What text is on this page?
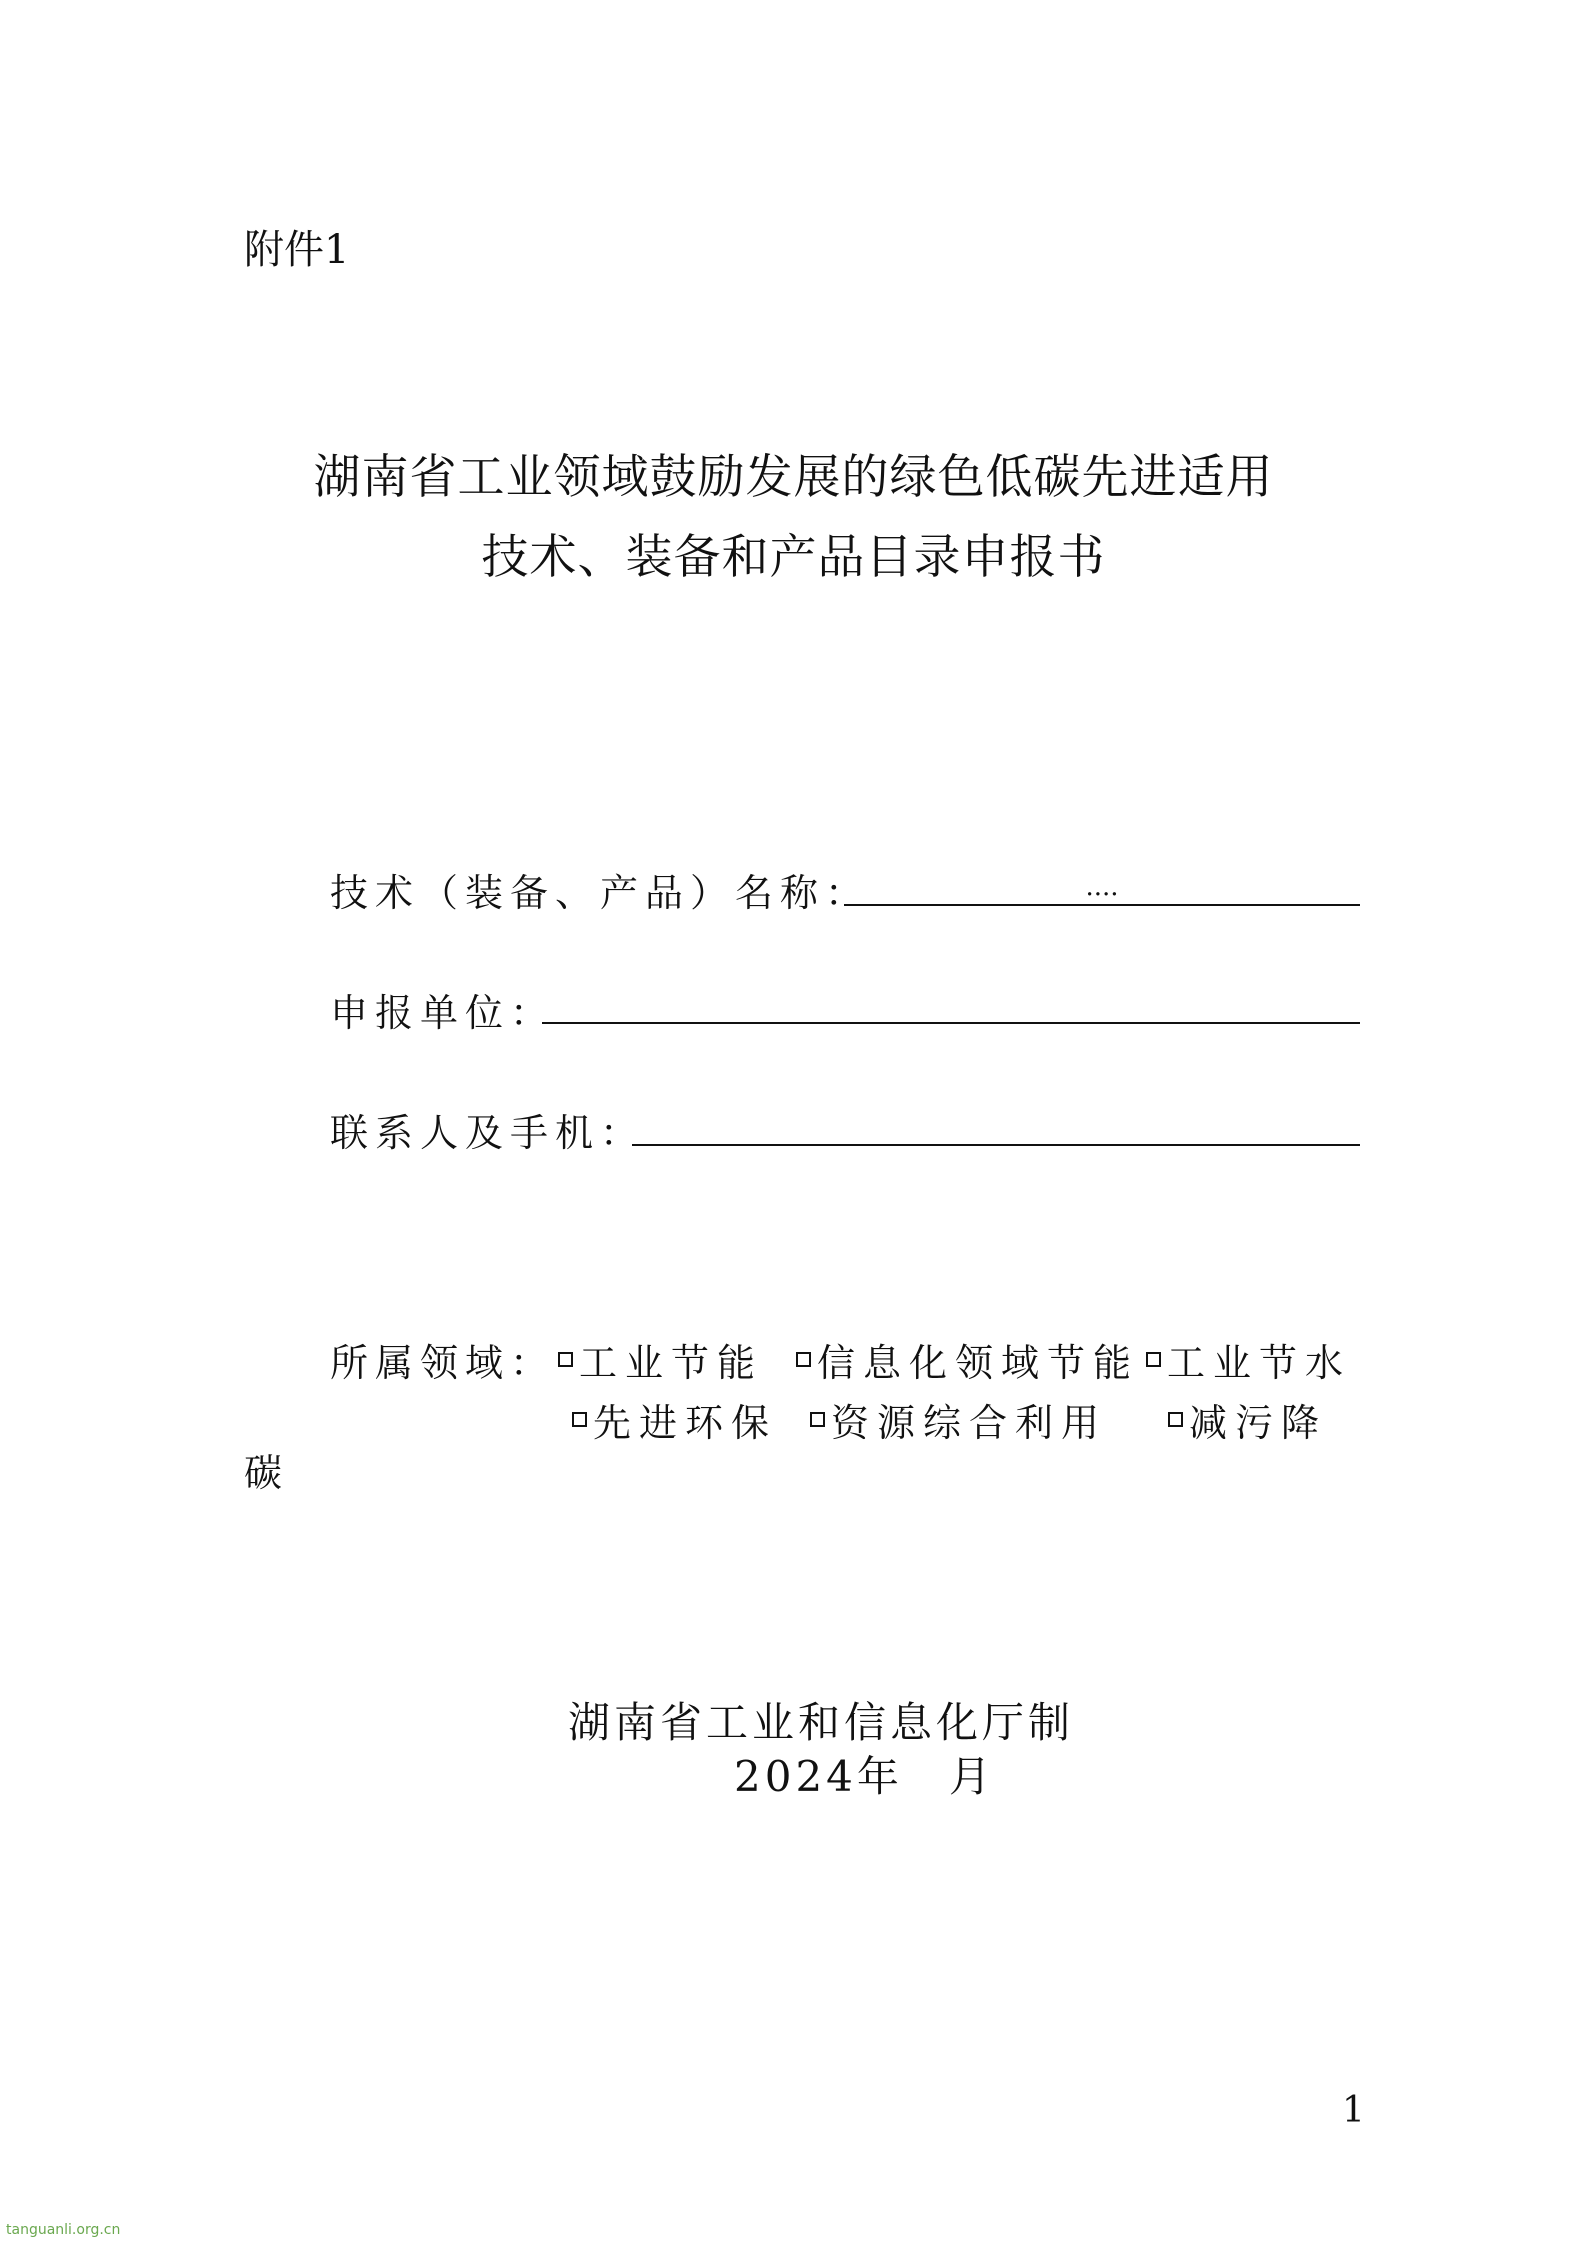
附件1
湖南省工业领域鼓励发展的绿色低碳先进适用
技术、装备和产品目录申报书
技术（装备、产品）名称：	....
申报单位：
联系人及手机：
所属领域： 工业节能 信息化领域节能 工业节水
先进环保 资源综合利用 减污降
碳
湖南省工业和信息化厅制
2024年　月
1
tanguanli.org.cn
